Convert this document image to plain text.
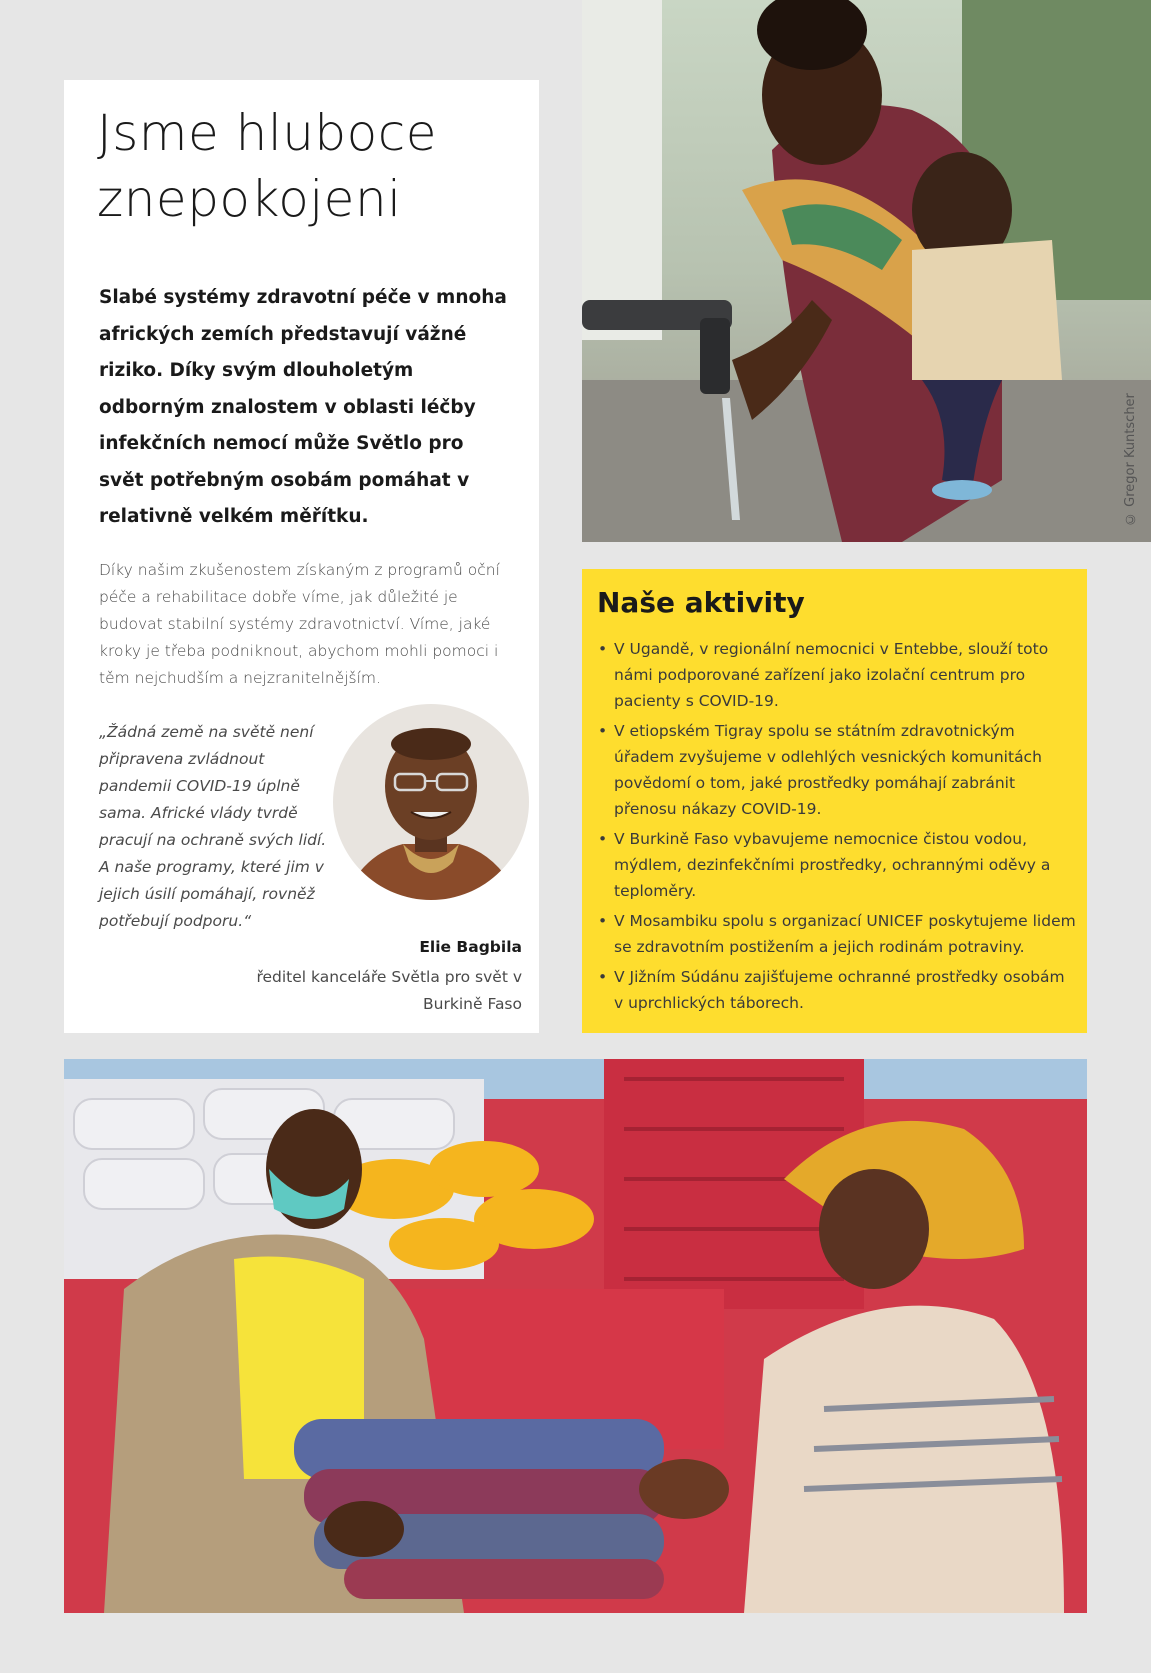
Jsme hluboce znepokojeni

Slabé systémy zdravotní péče v mnoha afrických zemích představují vážné riziko. Díky svým dlouholetým odborným znalostem v oblasti léčby infekčních nemocí může Světlo pro svět potřebným osobám pomáhat v relativně velkém měřítku.

Díky našim zkušenostem získaným z programů oční péče a rehabilitace dobře víme, jak důležité je budovat stabilní systémy zdravotnictví. Víme, jaké kroky je třeba podniknout, abychom mohli pomoci i těm nejchudším a nejzranitelnějším.

„Žádná země na světě není připravena zvládnout pandemii COVID-19 úplně sama. Africké vlády tvrdě pracují na ochraně svých lidí. A naše programy, které jim v jejich úsilí pomáhají, rovněž potřebují podporu.“

Elie Bagbila

ředitel kanceláře Světla pro svět v Burkině Faso

© Gregor Kuntscher
Naše aktivity
• V Ugandě, v regionální nemocnici v Entebbe, slouží toto námi podporované zařízení jako izolační centrum pro pacienty s COVID-19.
• V etiopském Tigray spolu se státním zdravotnickým úřadem zvyšujeme v odlehlých vesnických komunitách povědomí o tom, jaké prostředky pomáhají zabránit přenosu nákazy COVID-19.
• V Burkině Faso vybavujeme nemocnice čistou vodou, mýdlem, dezinfekčními prostředky, ochrannými oděvy a teploměry.
• V Mosambiku spolu s organizací UNICEF poskytujeme lidem se zdravotním postižením a jejich rodinám potraviny.
• V Jižním Súdánu zajišťujeme ochranné prostředky osobám v uprchlických táborech.
